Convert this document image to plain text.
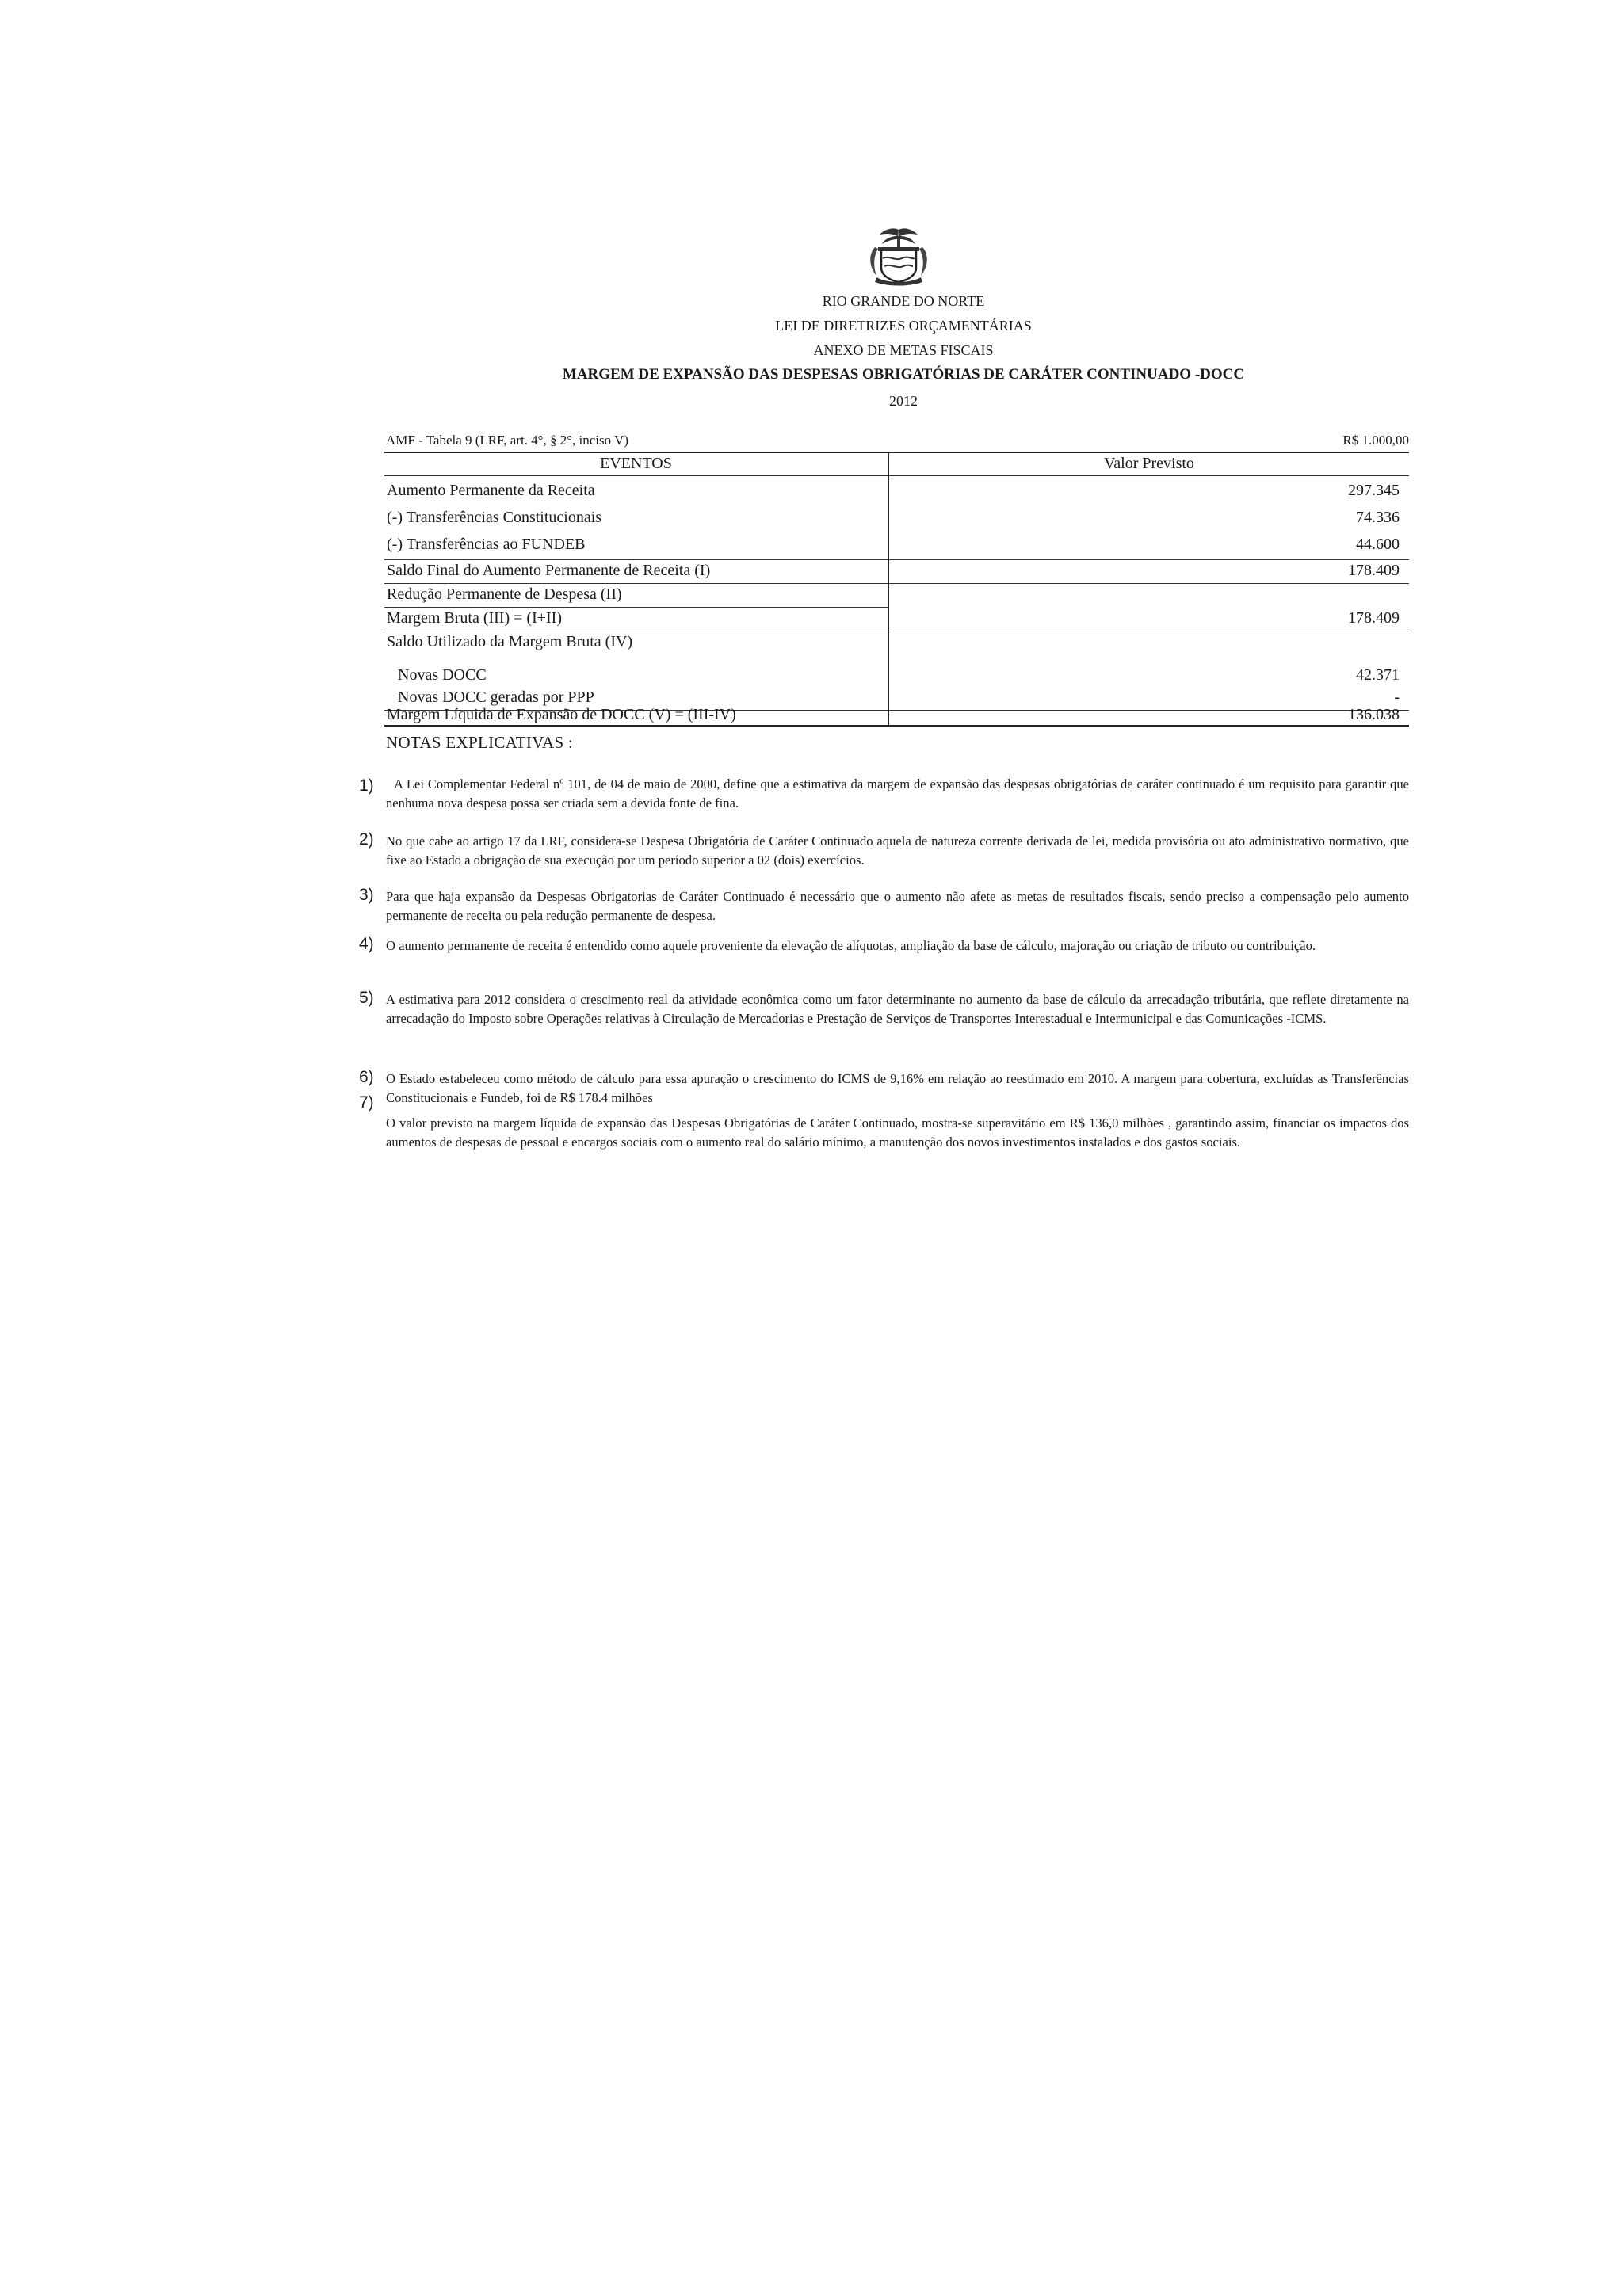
RIO GRANDE DO NORTE
LEI DE DIRETRIZES ORÇAMENTÁRIAS
ANEXO DE METAS FISCAIS
MARGEM DE EXPANSÃO DAS DESPESAS OBRIGATÓRIAS DE CARÁTER CONTINUADO -DOCC
2012
AMF - Tabela 9 (LRF, art. 4°, § 2°, inciso V)	R$ 1.000,00
EVENTOS	Valor Previsto
Aumento Permanente da Receita	297.345
(-) Transferências Constitucionais	74.336
(-) Transferências ao FUNDEB	44.600
Saldo Final do Aumento Permanente de Receita (I)	178.409
Redução Permanente de Despesa (II)
Margem Bruta (III) = (I+II)	178.409
Saldo Utilizado da Margem Bruta (IV)
Novas DOCC	42.371
Novas DOCC geradas por PPP	-
Margem Líquida de Expansão de DOCC (V) = (III-IV)	136.038
NOTAS EXPLICATIVAS :
1)	A Lei Complementar Federal nº 101, de 04 de maio de 2000, define que a estimativa da margem de expansão das despesas obrigatórias de caráter continuado é um requisito para garantir que nenhuma nova despesa possa ser criada sem a devida fonte de fina.
2) No que cabe ao artigo 17 da LRF, considera-se Despesa Obrigatória de Caráter Continuado aquela de natureza corrente derivada de lei, medida provisória ou ato administrativo normativo, que fixe ao Estado a obrigação de sua execução por um período superior a 02 (dois) exercícios.
3) Para que haja expansão da Despesas Obrigatorias de Caráter Continuado é necessário que o aumento não afete as metas de resultados fiscais, sendo preciso a compensação pelo aumento permanente de receita ou pela redução permanente de despesa.
4) O aumento permanente de receita é entendido como aquele proveniente da elevação de alíquotas, ampliação da base de cálculo, majoração ou criação de tributo ou contribuição.
5) A estimativa para 2012 considera o crescimento real da atividade econômica como um fator determinante no aumento da base de cálculo da arrecadação tributária, que reflete diretamente na arrecadação do Imposto sobre Operações relativas à Circulação de Mercadorias e Prestação de Serviços de Transportes Interestadual e Intermunicipal e das Comunicações -ICMS.
6) O Estado estabeleceu como método de cálculo para essa apuração o crescimento do ICMS de 9,16% em relação ao reestimado em 2010. A margem para cobertura, excluídas as Transferências Constitucionais e Fundeb, foi de R$ 178.4 milhões
7)
O valor previsto na margem líquida de expansão das Despesas Obrigatórias de Caráter Continuado, mostra-se superavitário em R$ 136,0 milhões , garantindo assim, financiar os impactos dos aumentos de despesas de pessoal e encargos sociais com o aumento real do salário mínimo, a manutenção dos novos investimentos instalados e dos gastos sociais.
